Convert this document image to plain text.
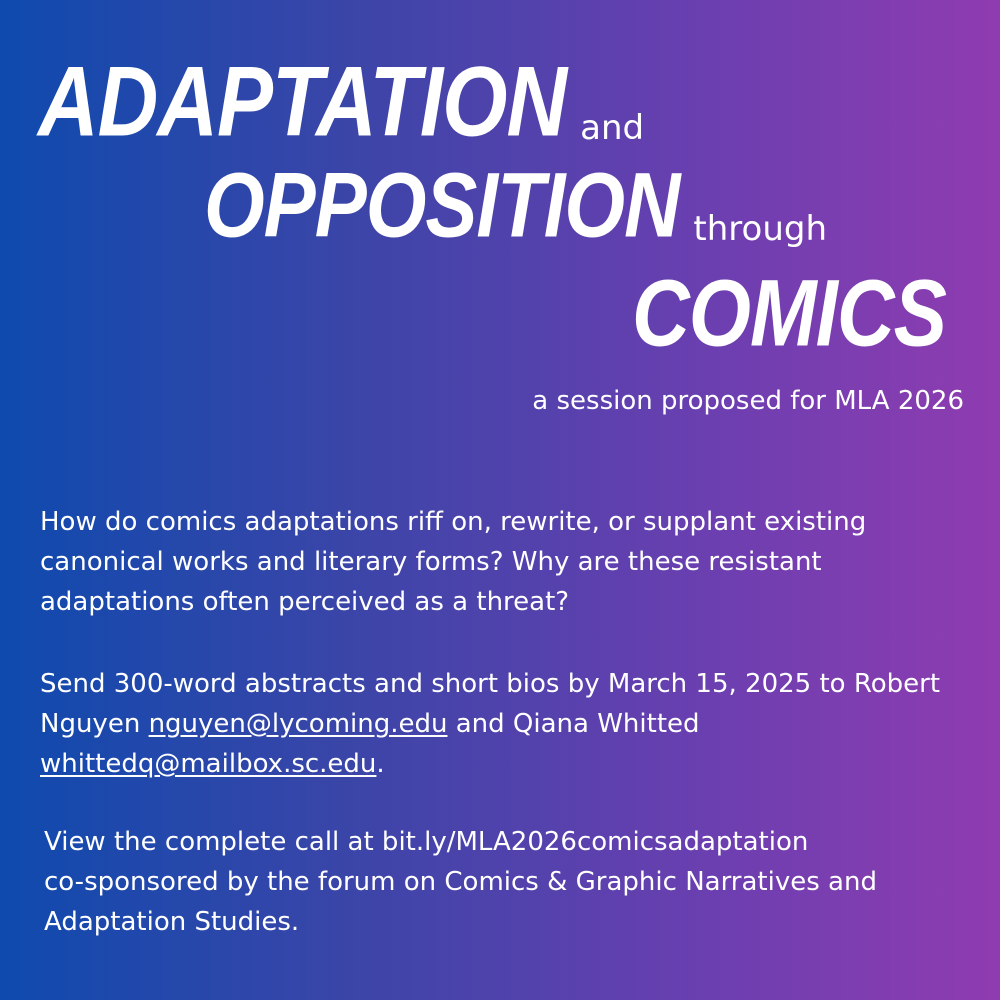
ADAPTATION and
OPPOSITION through
COMICS
a session proposed for MLA 2026
How do comics adaptations riff on, rewrite, or supplant existing canonical works and literary forms? Why are these resistant adaptations often perceived as a threat?
Send 300-word abstracts and short bios by March 15, 2025 to Robert Nguyen nguyen@lycoming.edu and Qiana Whitted whittedq@mailbox.sc.edu.
View the complete call at bit.ly/MLA2026comicsadaptation
co-sponsored by the forum on Comics & Graphic Narratives and Adaptation Studies.
